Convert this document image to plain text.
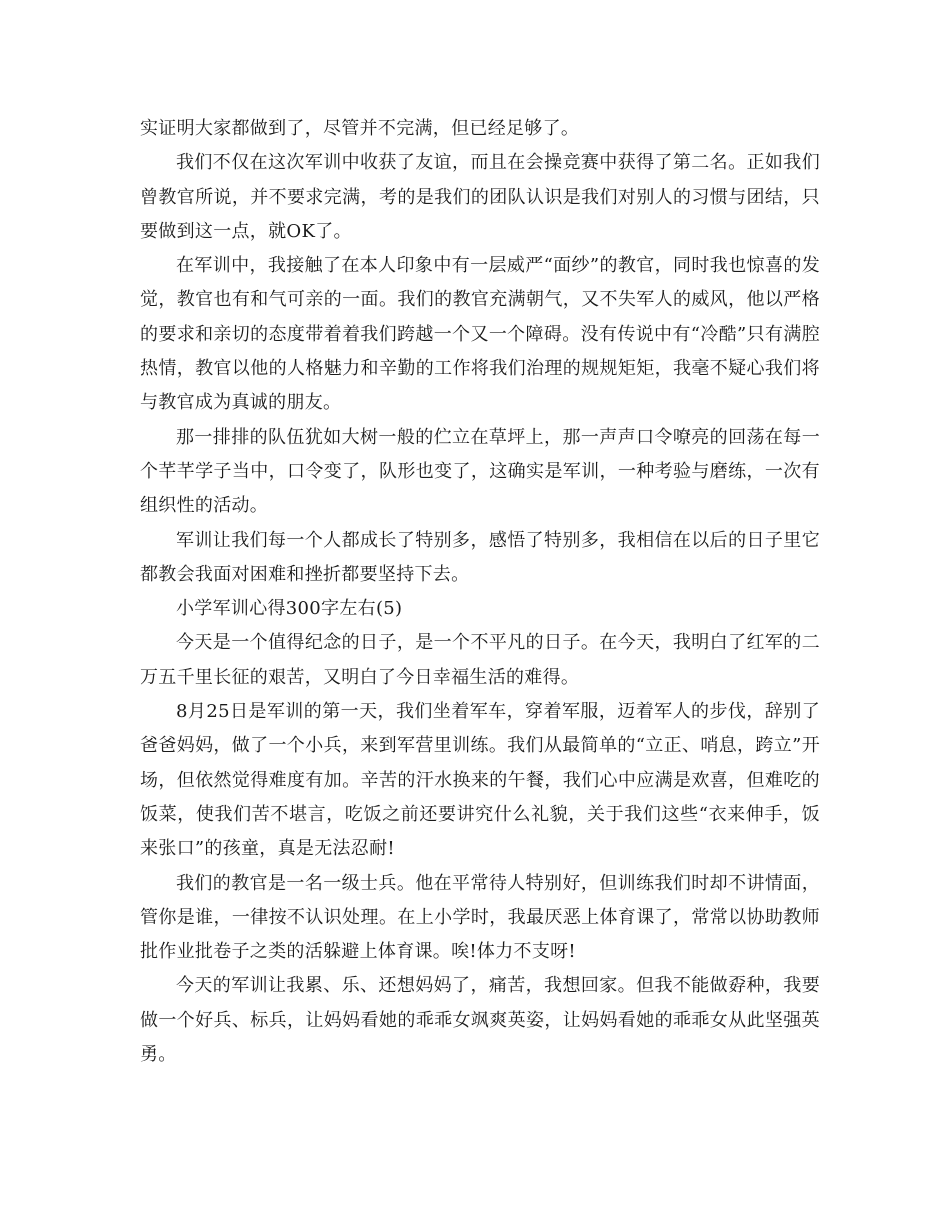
实证明大家都做到了，尽管并不完满，但已经足够了。

我们不仅在这次军训中收获了友谊，而且在会操竞赛中获得了第二名。正如我们曾教官所说，并不要求完满，考的是我们的团队认识是我们对别人的习惯与团结，只要做到这一点，就OK了。

在军训中，我接触了在本人印象中有一层威严“面纱”的教官，同时我也惊喜的发觉，教官也有和气可亲的一面。我们的教官充满朝气，又不失军人的威风，他以严格的要求和亲切的态度带着着我们跨越一个又一个障碍。没有传说中有“冷酷”只有满腔热情，教官以他的人格魅力和辛勤的工作将我们治理的规规矩矩，我毫不疑心我们将与教官成为真诚的朋友。

那一排排的队伍犹如大树一般的伫立在草坪上，那一声声口令嘹亮的回荡在每一个芊芊学子当中，口令变了，队形也变了，这确实是军训，一种考验与磨练，一次有组织性的活动。

军训让我们每一个人都成长了特别多，感悟了特别多，我相信在以后的日子里它都教会我面对困难和挫折都要坚持下去。

小学军训心得300字左右(5)

今天是一个值得纪念的日子，是一个不平凡的日子。在今天，我明白了红军的二万五千里长征的艰苦，又明白了今日幸福生活的难得。

8月25日是军训的第一天，我们坐着军车，穿着军服，迈着军人的步伐，辞别了爸爸妈妈，做了一个小兵，来到军营里训练。我们从最简单的“立正、哨息，跨立”开场，但依然觉得难度有加。辛苦的汗水换来的午餐，我们心中应满是欢喜，但难吃的饭菜，使我们苦不堪言，吃饭之前还要讲究什么礼貌，关于我们这些“衣来伸手，饭来张口”的孩童，真是无法忍耐!

我们的教官是一名一级士兵。他在平常待人特别好，但训练我们时却不讲情面，管你是谁，一律按不认识处理。在上小学时，我最厌恶上体育课了，常常以协助教师批作业批卷子之类的活躲避上体育课。唉!体力不支呀!

今天的军训让我累、乐、还想妈妈了，痛苦，我想回家。但我不能做孬种，我要做一个好兵、标兵，让妈妈看她的乖乖女飒爽英姿，让妈妈看她的乖乖女从此坚强英勇。
